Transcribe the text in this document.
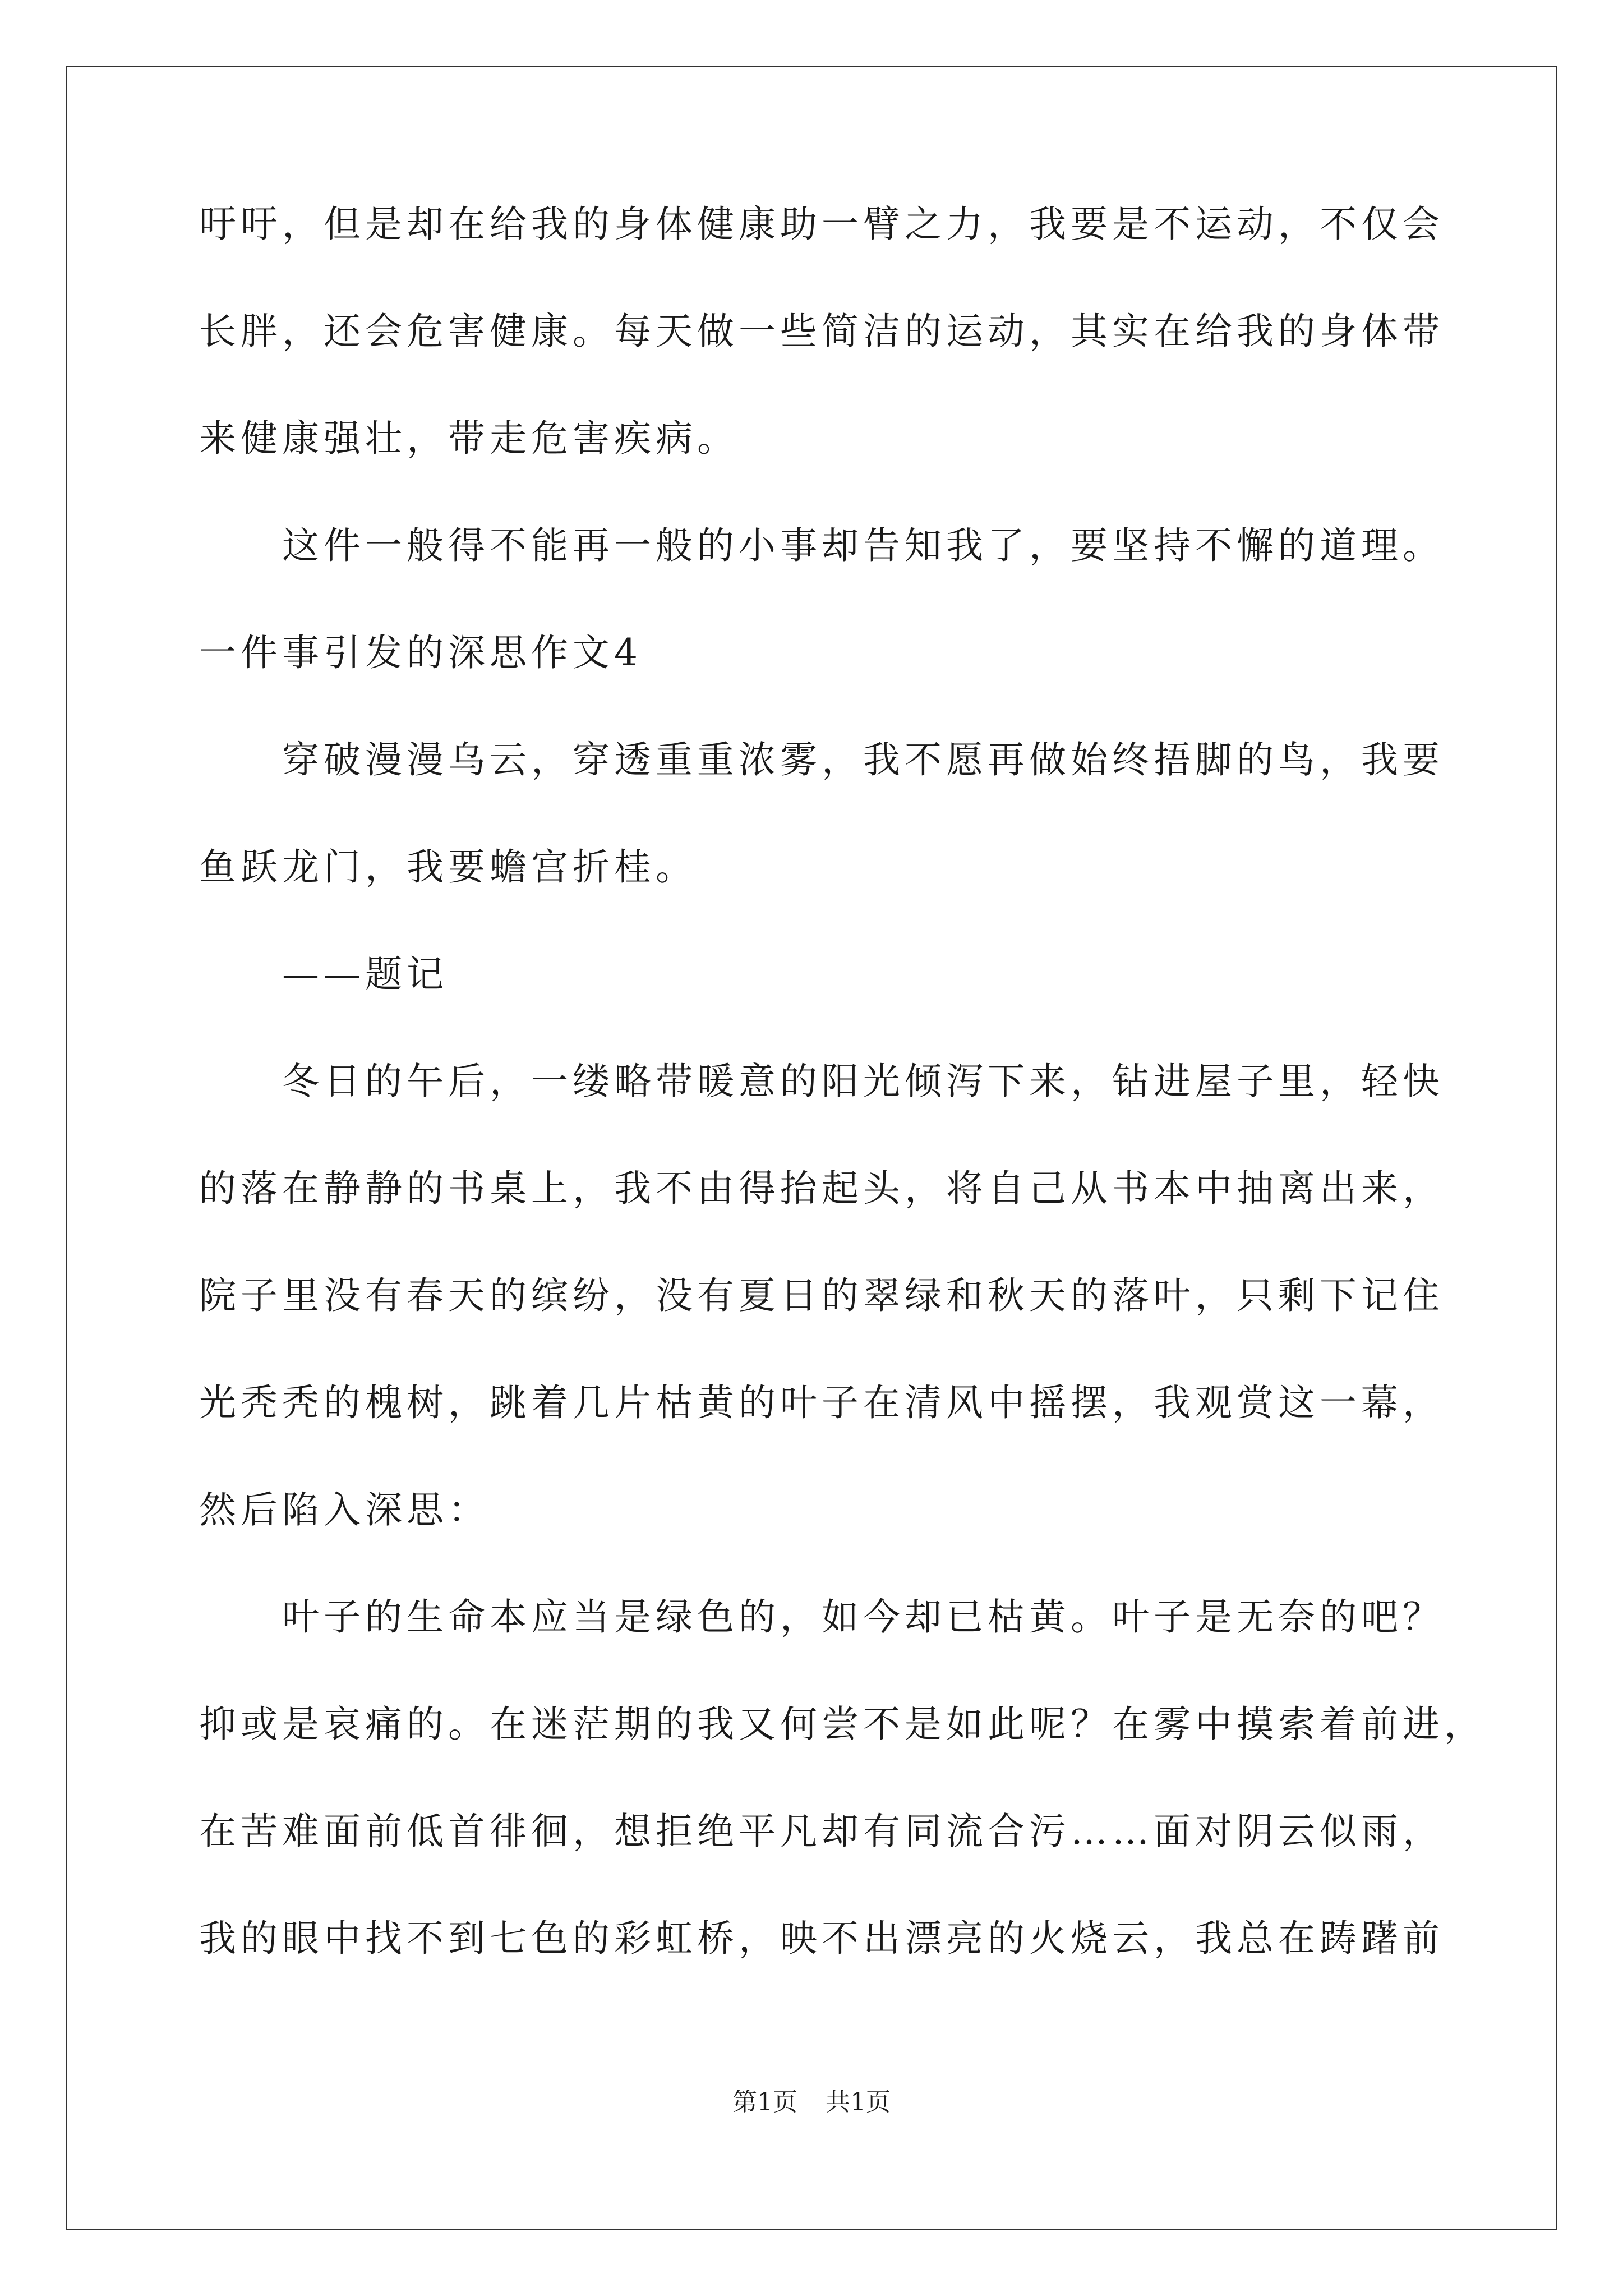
吁吁，但是却在给我的身体健康助一臂之力，我要是不运动，不仅会

长胖，还会危害健康。每天做一些简洁的运动，其实在给我的身体带

来健康强壮，带走危害疾病。

　　这件一般得不能再一般的小事却告知我了，要坚持不懈的道理。

一件事引发的深思作文4

　　穿破漫漫乌云，穿透重重浓雾，我不愿再做始终捂脚的鸟，我要

鱼跃龙门，我要蟾宫折桂。

　　——题记

　　冬日的午后，一缕略带暖意的阳光倾泻下来，钻进屋子里，轻快

的落在静静的书桌上，我不由得抬起头，将自己从书本中抽离出来，

院子里没有春天的缤纷，没有夏日的翠绿和秋天的落叶，只剩下记住

光秃秃的槐树，跳着几片枯黄的叶子在清风中摇摆，我观赏这一幕，

然后陷入深思：

　　叶子的生命本应当是绿色的，如今却已枯黄。叶子是无奈的吧？

抑或是哀痛的。在迷茫期的我又何尝不是如此呢？在雾中摸索着前进，

在苦难面前低首徘徊，想拒绝平凡却有同流合污……面对阴云似雨，

我的眼中找不到七色的彩虹桥，映不出漂亮的火烧云，我总在踌躇前

第1页 共1页
